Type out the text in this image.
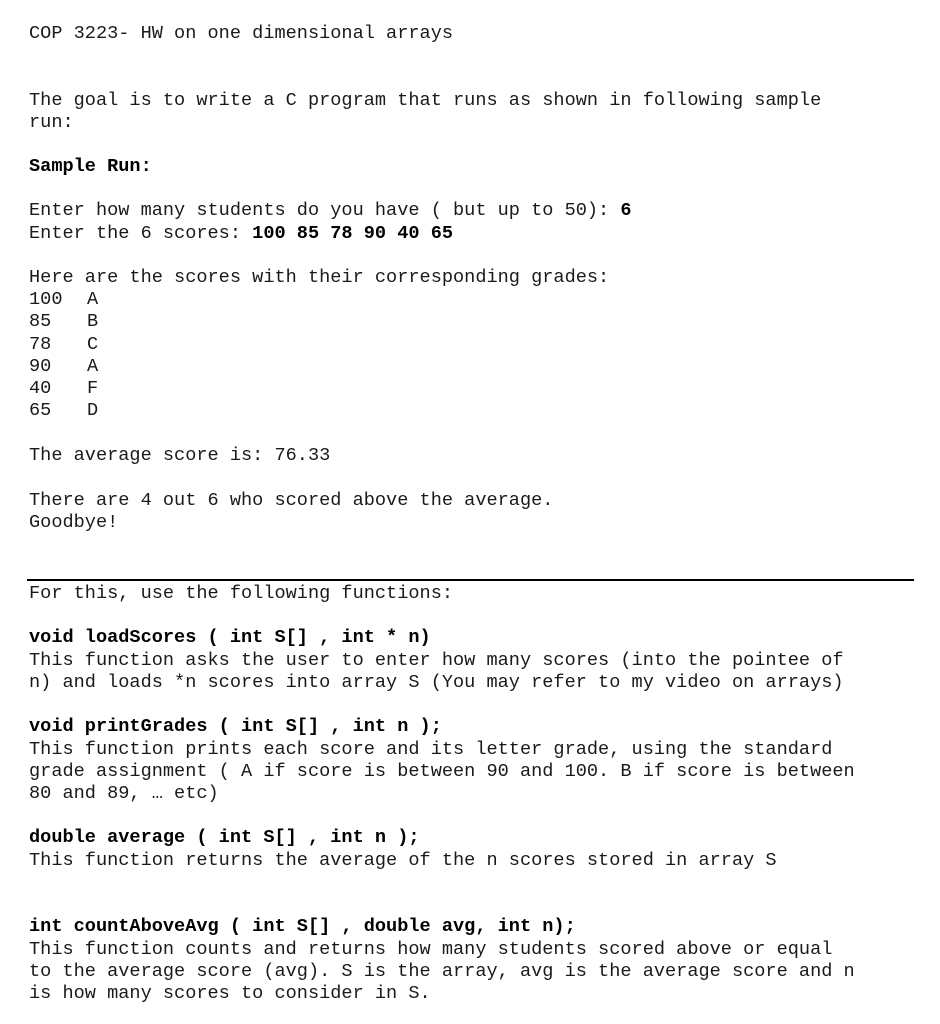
COP 3223- HW on one dimensional arrays
The goal is to write a C program that runs as shown in following sample
run:
Sample Run:
Enter how many students do you have ( but up to 50): 6
Enter the 6 scores: 100 85 78 90 40 65
Here are the scores with their corresponding grades:
100 A
85 B
78 C
90 A
40 F
65 D
The average score is: 76.33
There are 4 out 6 who scored above the average.
Goodbye!
For this, use the following functions:
void loadScores ( int S[] , int * n)
This function asks the user to enter how many scores (into the pointee of
n) and loads *n scores into array S (You may refer to my video on arrays)
void printGrades ( int S[] , int n );
This function prints each score and its letter grade, using the standard
grade assignment ( A if score is between 90 and 100. B if score is between
80 and 89, … etc)
double average ( int S[] , int n );
This function returns the average of the n scores stored in array S
int countAboveAvg ( int S[] , double avg, int n);
This function counts and returns how many students scored above or equal
to the average score (avg). S is the array, avg is the average score and n
is how many scores to consider in S.
